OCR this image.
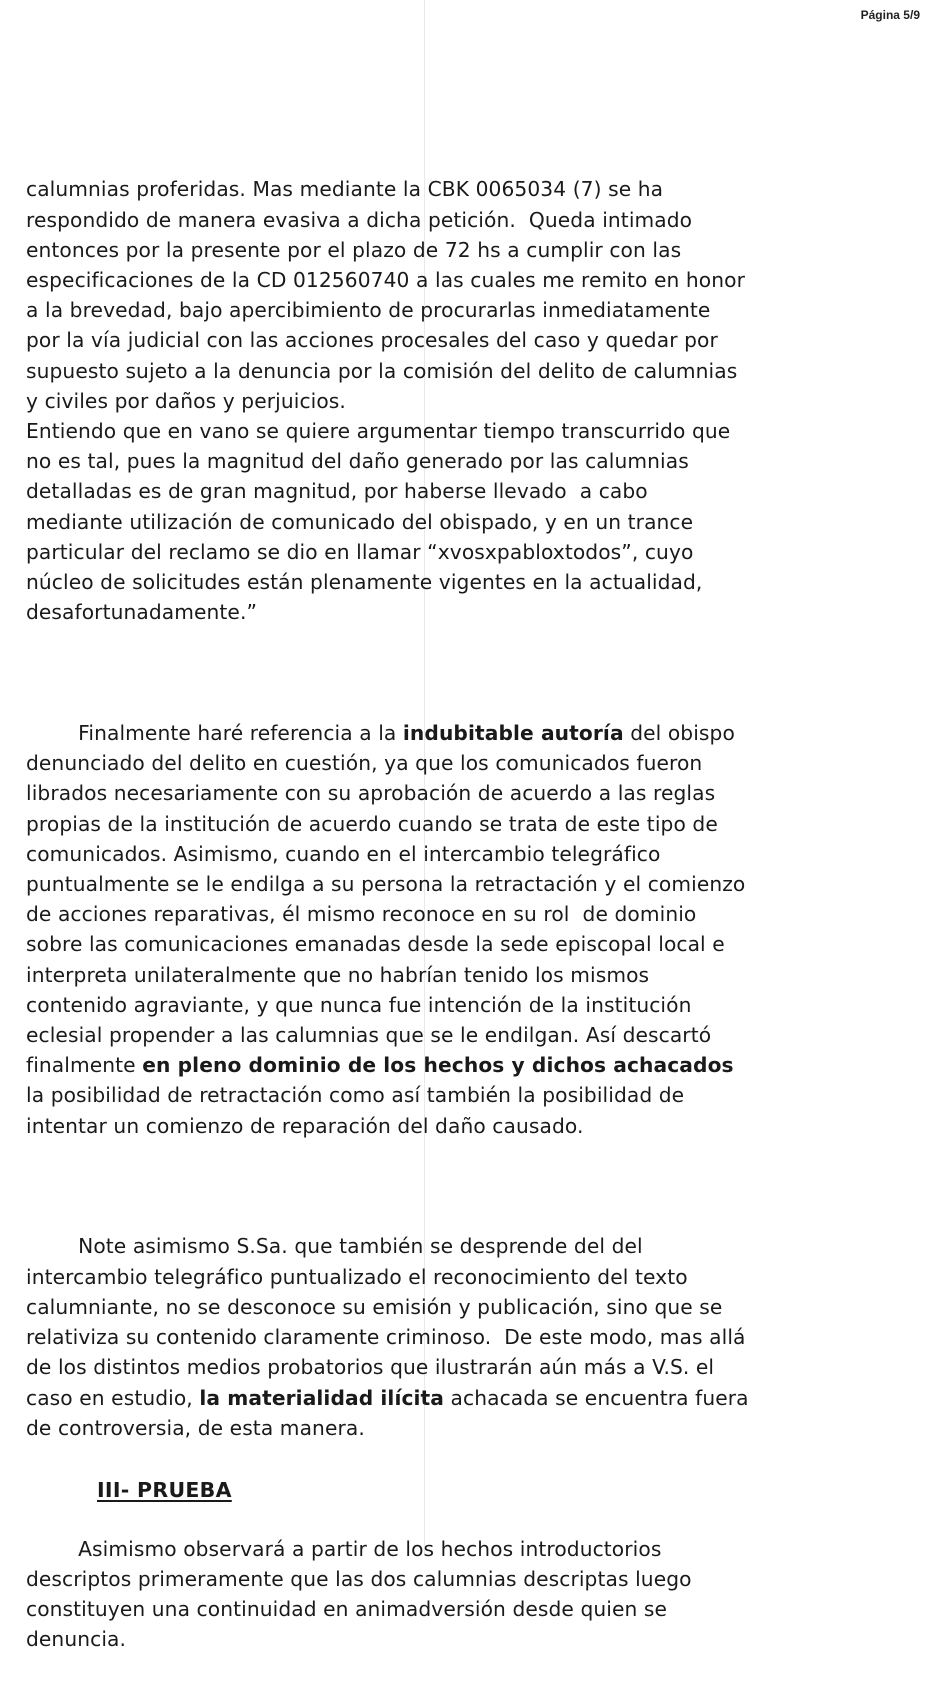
Página 5/9

calumnias proferidas. Mas mediante la CBK 0065034 (7) se ha
respondido de manera evasiva a dicha petición.  Queda intimado
entonces por la presente por el plazo de 72 hs a cumplir con las
especificaciones de la CD 012560740 a las cuales me remito en honor
a la brevedad, bajo apercibimiento de procurarlas inmediatamente
por la vía judicial con las acciones procesales del caso y quedar por
supuesto sujeto a la denuncia por la comisión del delito de calumnias
y civiles por daños y perjuicios.
Entiendo que en vano se quiere argumentar tiempo transcurrido que
no es tal, pues la magnitud del daño generado por las calumnias
detalladas es de gran magnitud, por haberse llevado  a cabo
mediante utilización de comunicado del obispado, y en un trance
particular del reclamo se dio en llamar “xvosxpabloxtodos”, cuyo
núcleo de solicitudes están plenamente vigentes en la actualidad,
desafortunadamente.”

Finalmente haré referencia a la indubitable autoría del obispo
denunciado del delito en cuestión, ya que los comunicados fueron
librados necesariamente con su aprobación de acuerdo a las reglas
propias de la institución de acuerdo cuando se trata de este tipo de
comunicados. Asimismo, cuando en el intercambio telegráfico
puntualmente se le endilga a su persona la retractación y el comienzo
de acciones reparativas, él mismo reconoce en su rol  de dominio
sobre las comunicaciones emanadas desde la sede episcopal local e
interpreta unilateralmente que no habrían tenido los mismos
contenido agraviante, y que nunca fue intención de la institución
eclesial propender a las calumnias que se le endilgan. Así descartó
finalmente en pleno dominio de los hechos y dichos achacados
la posibilidad de retractación como así también la posibilidad de
intentar un comienzo de reparación del daño causado.

Note asimismo S.Sa. que también se desprende del del
intercambio telegráfico puntualizado el reconocimiento del texto
calumniante, no se desconoce su emisión y publicación, sino que se
relativiza su contenido claramente criminoso.  De este modo, mas allá
de los distintos medios probatorios que ilustrarán aún más a V.S. el
caso en estudio, la materialidad ilícita achacada se encuentra fuera
de controversia, de esta manera.

Asimismo observará a partir de los hechos introductorios
descriptos primeramente que las dos calumnias descriptas luego
constituyen una continuidad en animadversión desde quien se
denuncia.

III- PRUEBA
